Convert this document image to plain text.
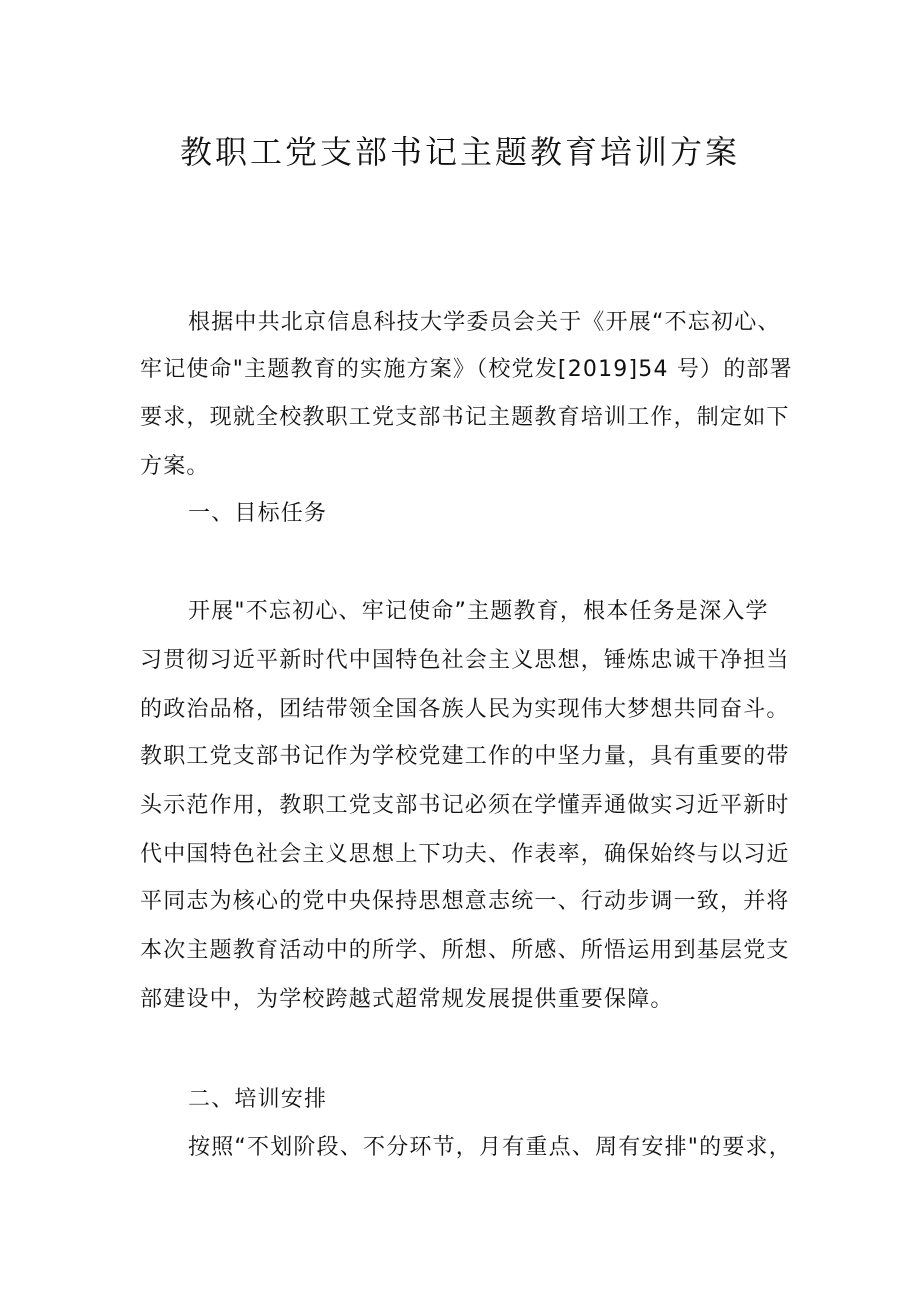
教职工党支部书记主题教育培训方案
根据中共北京信息科技大学委员会关于《开展“不忘初心、
牢记使命"主题教育的实施方案》（校党发[2019]54 号）的部署
要求，现就全校教职工党支部书记主题教育培训工作，制定如下
方案。
一、目标任务
开展"不忘初心、牢记使命”主题教育，根本任务是深入学
习贯彻习近平新时代中国特色社会主义思想，锤炼忠诚干净担当
的政治品格，团结带领全国各族人民为实现伟大梦想共同奋斗。
教职工党支部书记作为学校党建工作的中坚力量，具有重要的带
头示范作用，教职工党支部书记必须在学懂弄通做实习近平新时
代中国特色社会主义思想上下功夫、作表率，确保始终与以习近
平同志为核心的党中央保持思想意志统一、行动步调一致，并将
本次主题教育活动中的所学、所想、所感、所悟运用到基层党支
部建设中，为学校跨越式超常规发展提供重要保障。
二、培训安排
按照“不划阶段、不分环节，月有重点、周有安排"的要求，
